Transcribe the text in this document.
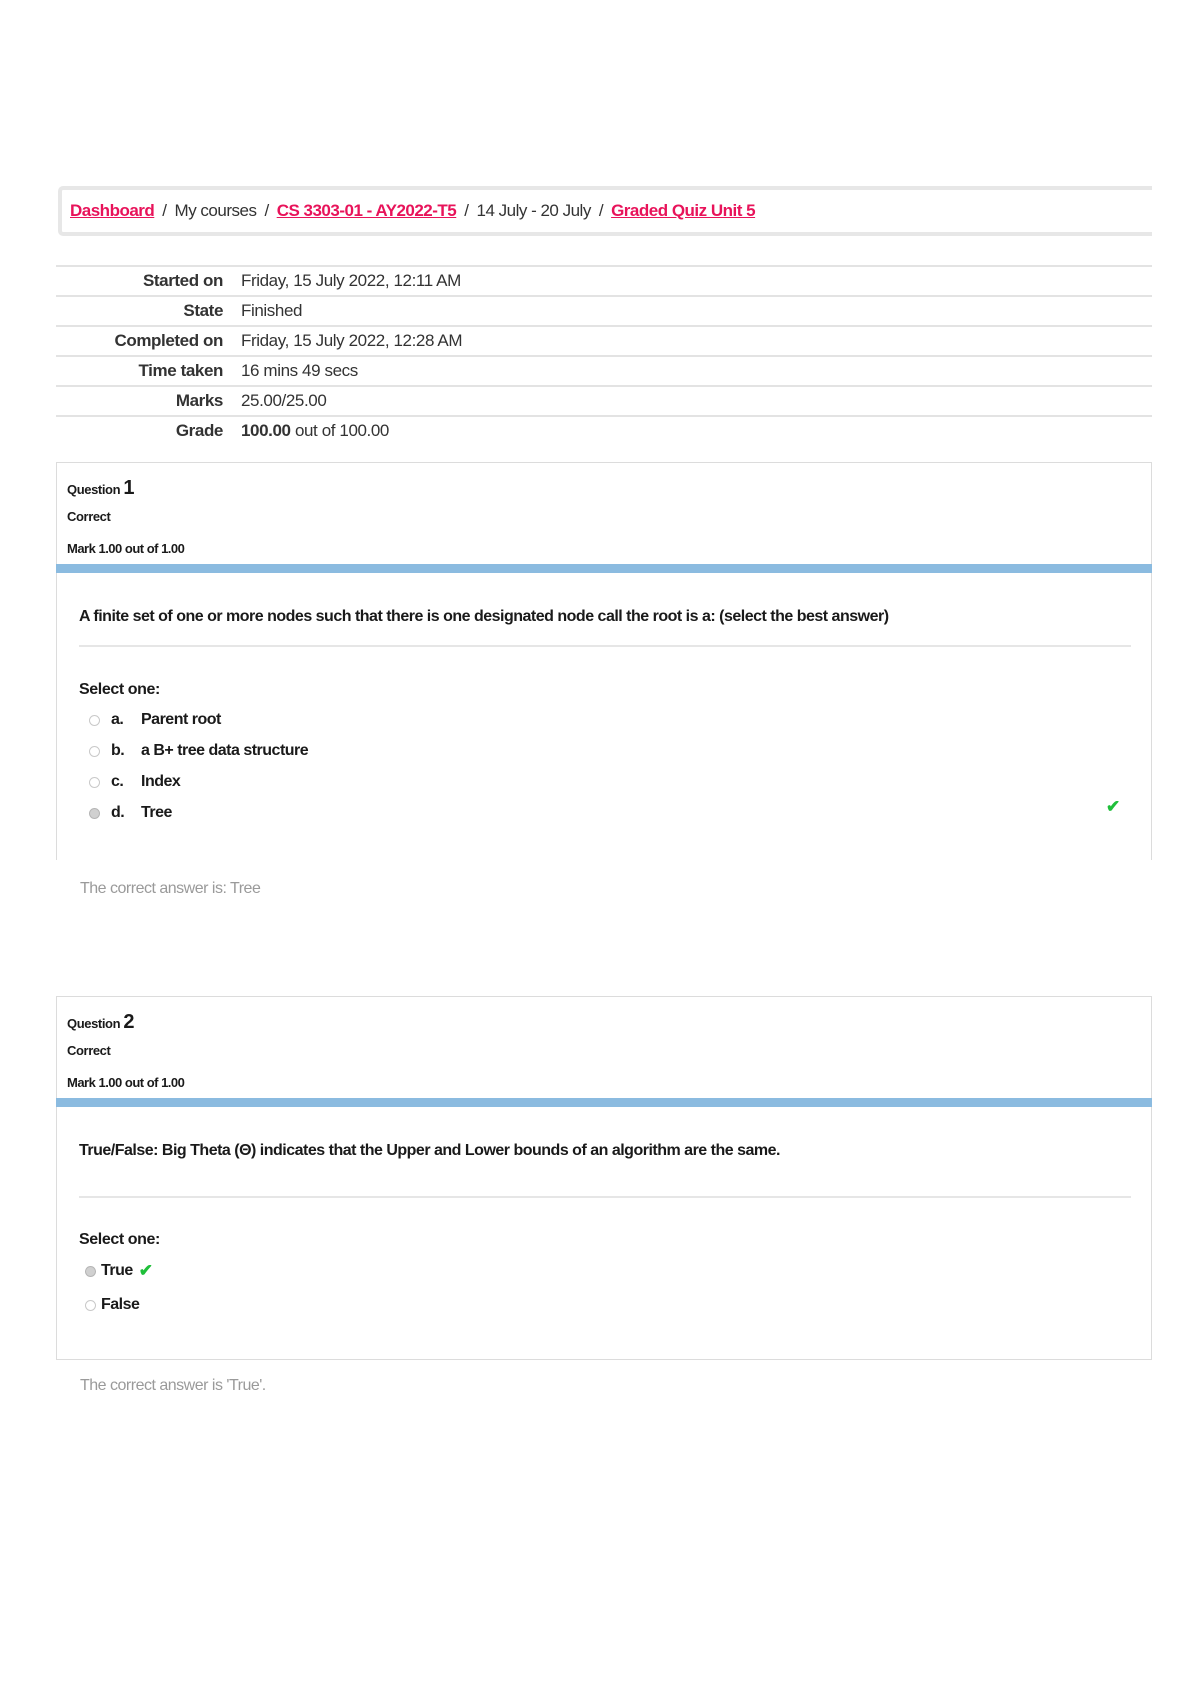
Dashboard / My courses / CS 3303-01 - AY2022-T5 / 14 July - 20 July / Graded Quiz Unit 5
Started on	Friday, 15 July 2022, 12:11 AM
State	Finished
Completed on	Friday, 15 July 2022, 12:28 AM
Time taken	16 mins 49 secs
Marks	25.00/25.00
Grade	100.00 out of 100.00
Question 1
Correct
Mark 1.00 out of 1.00
A finite set of one or more nodes such that there is one designated node call the root is a: (select the best answer)
Select one:
a.	Parent root
b.	a B+ tree data structure
c.	Index
d.	Tree	✔
The correct answer is: Tree
Question 2
Correct
Mark 1.00 out of 1.00
True/False: Big Theta (Θ) indicates that the Upper and Lower bounds of an algorithm are the same.
Select one:
True ✔
False
The correct answer is 'True'.
